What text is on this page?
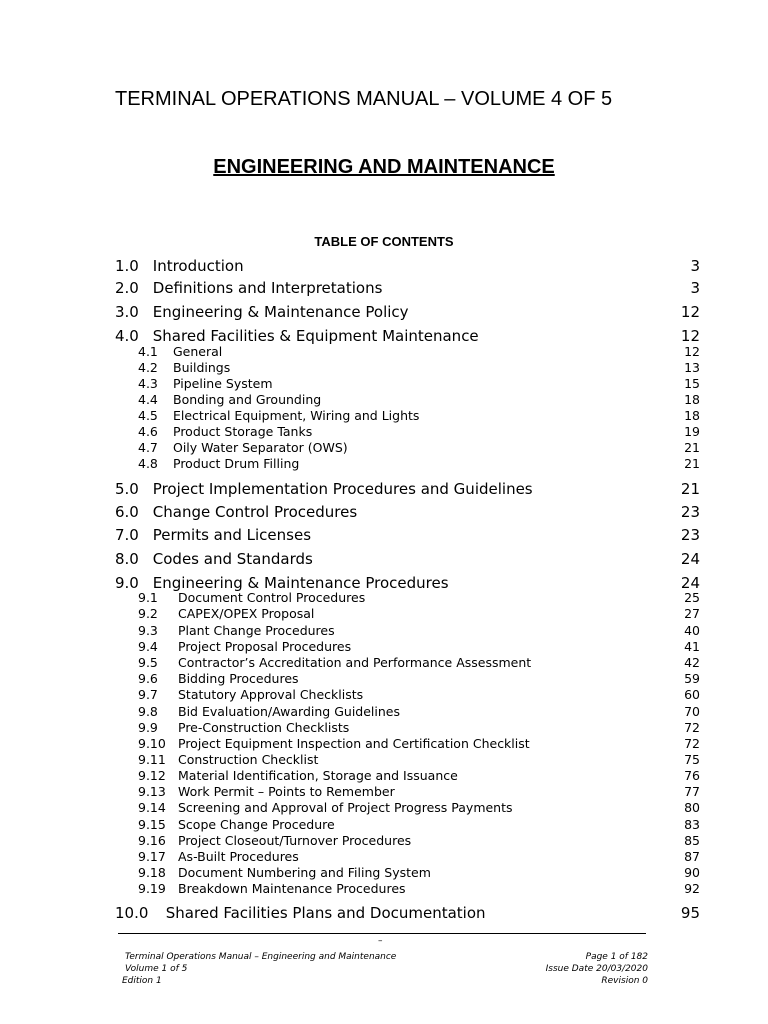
TERMINAL OPERATIONS MANUAL – VOLUME 4 OF 5
ENGINEERING AND MAINTENANCE
TABLE OF CONTENTS
1.0 Introduction	3
2.0 Definitions and Interpretations	3
3.0 Engineering & Maintenance Policy	12
4.0 Shared Facilities & Equipment Maintenance	12
4.1 General	12
4.2 Buildings	13
4.3 Pipeline System	15
4.4 Bonding and Grounding	18
4.5 Electrical Equipment, Wiring and Lights	18
4.6 Product Storage Tanks	19
4.7 Oily Water Separator (OWS)	21
4.8 Product Drum Filling	21
5.0 Project Implementation Procedures and Guidelines	21
6.0 Change Control Procedures	23
7.0 Permits and Licenses	23
8.0 Codes and Standards	24
9.0 Engineering & Maintenance Procedures	24
9.1 Document Control Procedures	25
9.2 CAPEX/OPEX Proposal	27
9.3 Plant Change Procedures	40
9.4 Project Proposal Procedures	41
9.5 Contractor’s Accreditation and Performance Assessment	42
9.6 Bidding Procedures	59
9.7 Statutory Approval Checklists	60
9.8 Bid Evaluation/Awarding Guidelines	70
9.9 Pre-Construction Checklists	72
9.10 Project Equipment Inspection and Certification Checklist	72
9.11 Construction Checklist	75
9.12 Material Identification, Storage and Issuance	76
9.13 Work Permit – Points to Remember	77
9.14 Screening and Approval of Project Progress Payments	80
9.15 Scope Change Procedure	83
9.16 Project Closeout/Turnover Procedures	85
9.17 As-Built Procedures	87
9.18 Document Numbering and Filing System	90
9.19 Breakdown Maintenance Procedures	92
10.0 Shared Facilities Plans and Documentation	95
–
Terminal Operations Manual – Engineering and Maintenance
Volume 1 of 5
Edition 1
Page 1 of 182
Issue Date 20/03/2020
Revision 0
